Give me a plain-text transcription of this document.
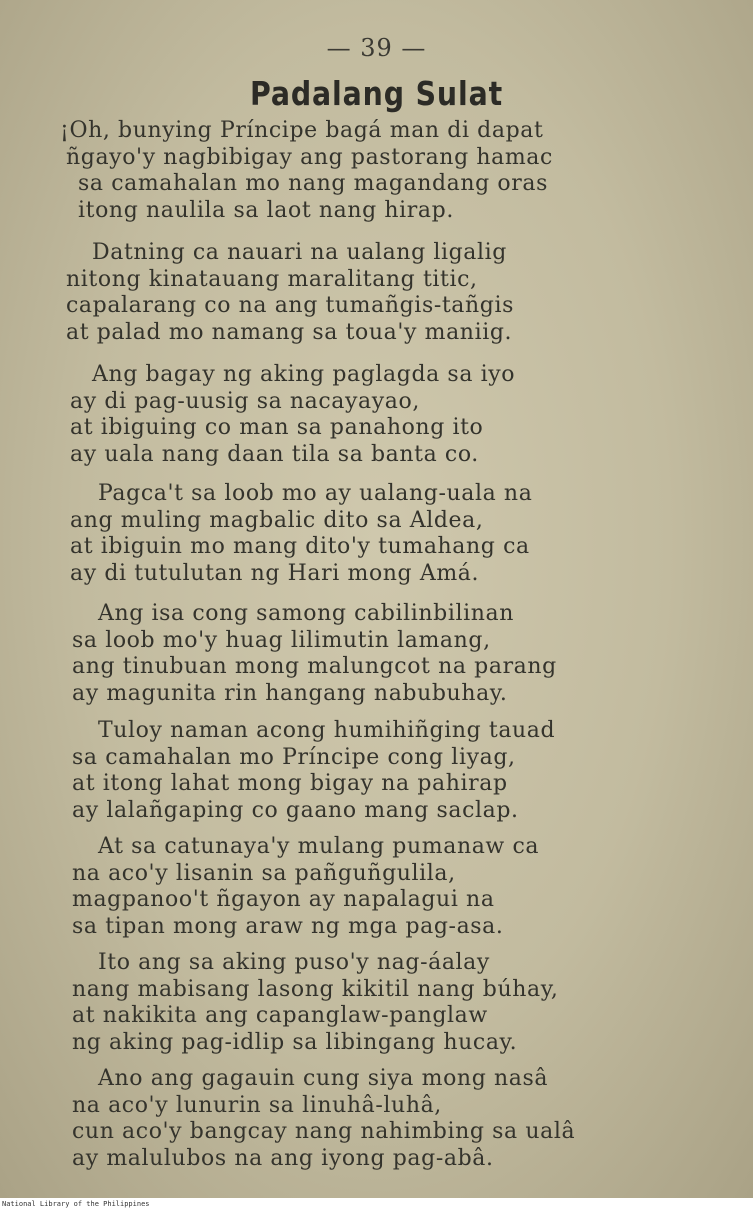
— 39 —
Padalang Sulat
¡Oh, bunying Príncipe bagá man di dapat
ñgayo'y nagbibigay ang pastorang hamac
sa camahalan mo nang magandang oras
itong naulila sa laot nang hirap.
Datning ca nauari na ualang ligalig
nitong kinatauang maralitang titic,
capalarang co na ang tumañgis-tañgis
at palad mo namang sa toua'y maniig.
Ang bagay ng aking paglagda sa iyo
ay di pag-uusig sa nacayayao,
at ibiguing co man sa panahong ito
ay uala nang daan tila sa banta co.
Pagca't sa loob mo ay ualang-uala na
ang muling magbalic dito sa Aldea,
at ibiguin mo mang dito'y tumahang ca
ay di tutulutan ng Hari mong Amá.
Ang isa cong samong cabilinbilinan
sa loob mo'y huag lilimutin lamang,
ang tinubuan mong malungcot na parang
ay magunita rin hangang nabubuhay.
Tuloy naman acong humihiñging tauad
sa camahalan mo Príncipe cong liyag,
at itong lahat mong bigay na pahirap
ay lalañgaping co gaano mang saclap.
At sa catunaya'y mulang pumanaw ca
na aco'y lisanin sa pañguñgulila,
magpanoo't ñgayon ay napalagui na
sa tipan mong araw ng mga pag-asa.
Ito ang sa aking puso'y nag-áalay
nang mabisang lasong kikitil nang búhay,
at nakikita ang capanglaw-panglaw
ng aking pag-idlip sa libingang hucay.
Ano ang gagauin cung siya mong nasâ
na aco'y lunurin sa linuhâ-luhâ,
cun aco'y bangcay nang nahimbing sa ualâ
ay malulubos na ang iyong pag-abâ.
National Library of the Philippines
